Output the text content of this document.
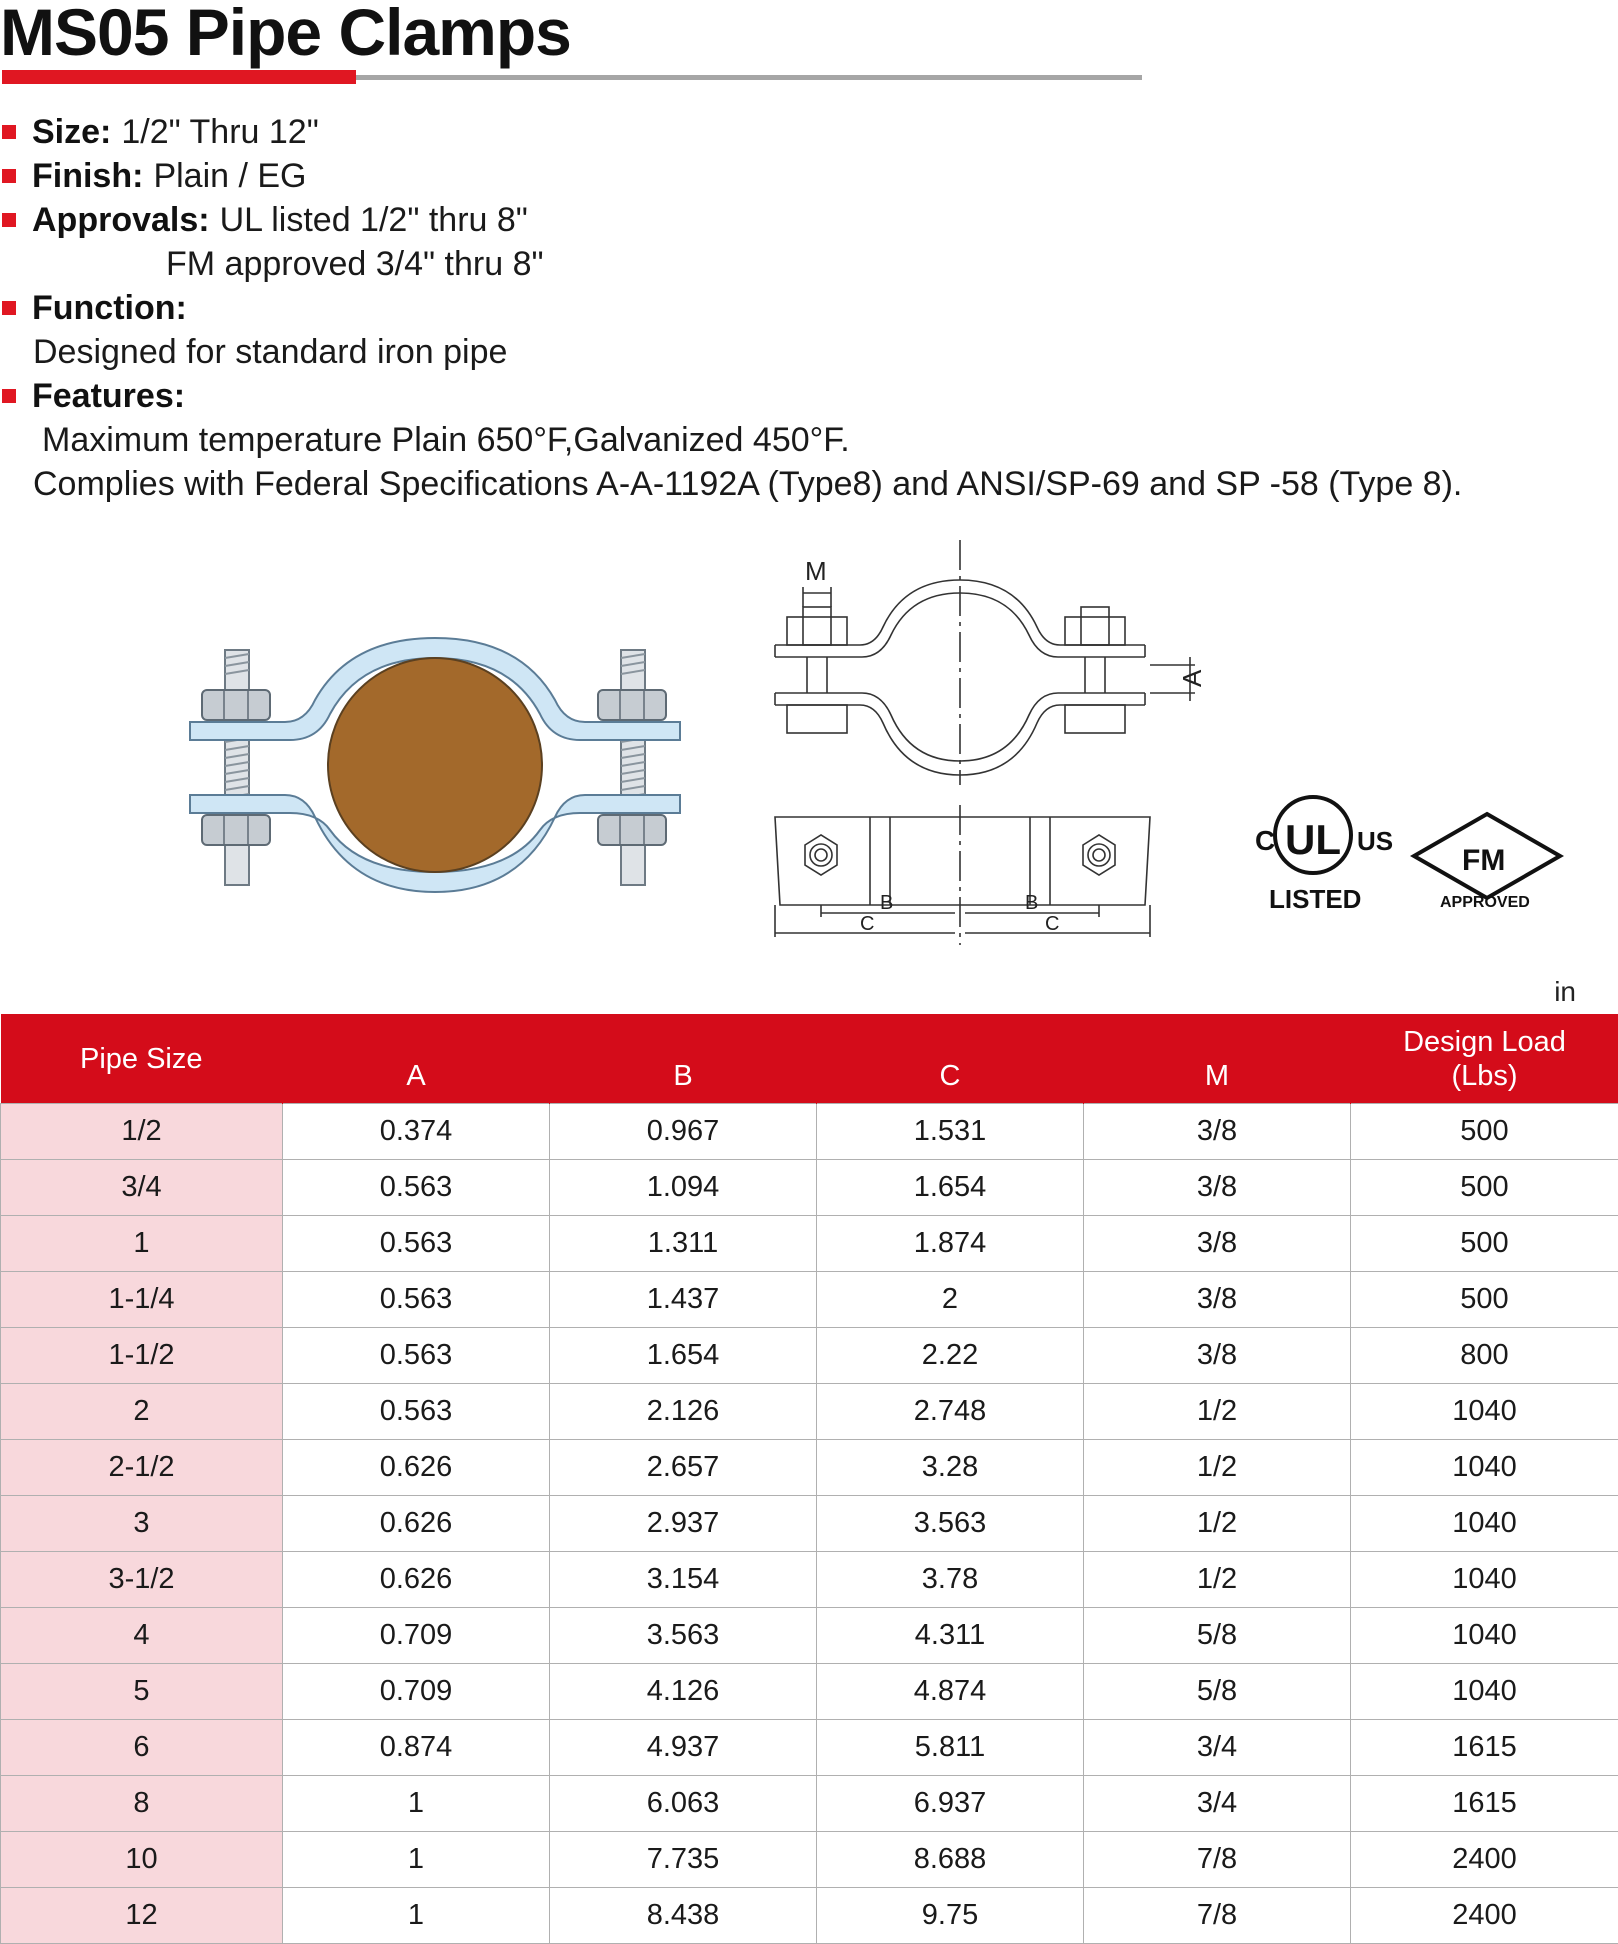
MS05 Pipe Clamps
Size: 1/2" Thru 12"
Finish: Plain / EG
Approvals: UL listed 1/2" thru 8"
FM approved 3/4" thru 8"
Function:
Designed for standard iron pipe
Features:
Maximum temperature Plain 650°F,Galvanized 450°F.
Complies with Federal Specifications A-A-1192A (Type8) and ANSI/SP-69 and SP -58 (Type 8).
M
A
B	B
C	C
C UL US
LISTED
FM
APPROVED
in
Pipe Size	A	B	C	M	Design Load
(Lbs)
1/2	0.374	0.967	1.531	3/8	500
3/4	0.563	1.094	1.654	3/8	500
1	0.563	1.311	1.874	3/8	500
1-1/4	0.563	1.437	2	3/8	500
1-1/2	0.563	1.654	2.22	3/8	800
2	0.563	2.126	2.748	1/2	1040
2-1/2	0.626	2.657	3.28	1/2	1040
3	0.626	2.937	3.563	1/2	1040
3-1/2	0.626	3.154	3.78	1/2	1040
4	0.709	3.563	4.311	5/8	1040
5	0.709	4.126	4.874	5/8	1040
6	0.874	4.937	5.811	3/4	1615
8	1	6.063	6.937	3/4	1615
10	1	7.735	8.688	7/8	2400
12	1	8.438	9.75	7/8	2400
